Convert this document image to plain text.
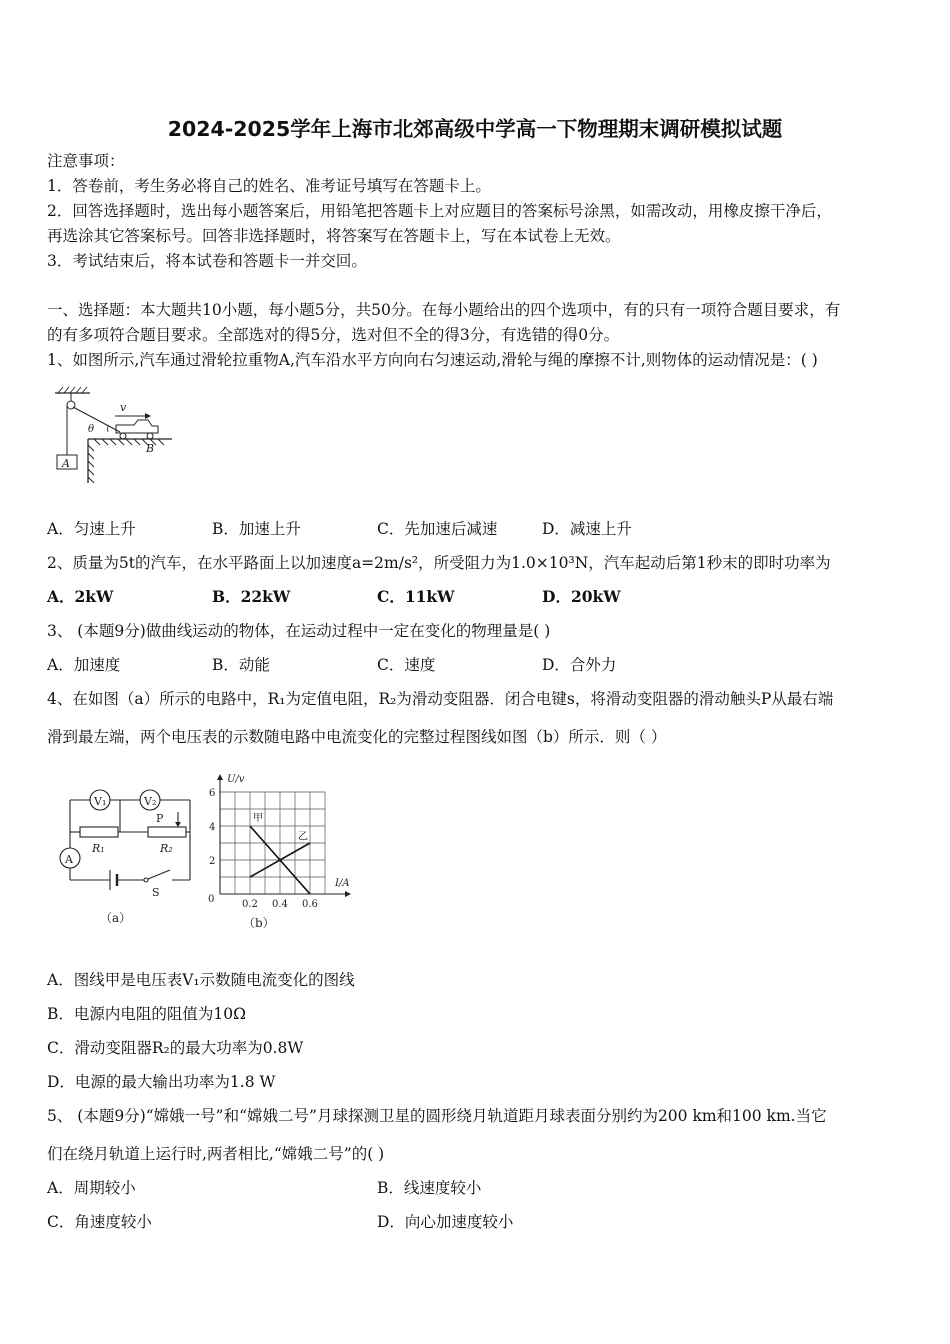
2024-2025学年上海市北郊高级中学高一下物理期末调研模拟试题
注意事项：
1．答卷前，考生务必将自己的姓名、准考证号填写在答题卡上。
2．回答选择题时，选出每小题答案后，用铅笔把答题卡上对应题目的答案标号涂黑，如需改动，用橡皮擦干净后，
再选涂其它答案标号。回答非选择题时，将答案写在答题卡上，写在本试卷上无效。
3．考试结束后，将本试卷和答题卡一并交回。
一、选择题：本大题共10小题，每小题5分，共50分。在每小题给出的四个选项中，有的只有一项符合题目要求，有
的有多项符合题目要求。全部选对的得5分，选对但不全的得3分，有选错的得0分。
1、如图所示,汽车通过滑轮拉重物A,汽车沿水平方向向右匀速运动,滑轮与绳的摩擦不计,则物体的运动情况是：( )
A
θ
v
B
A．匀速上升	B．加速上升	C．先加速后减速	D．减速上升
2、质量为5t的汽车，在水平路面上以加速度a=2m/s²，所受阻力为1.0×10³N，汽车起动后第1秒末的即时功率为
A．2kW	B．22kW	C．11kW	D．20kW
3、 (本题9分)做曲线运动的物体，在运动过程中一定在变化的物理量是( )
A．加速度	B．动能	C．速度	D．合外力
4、在如图（a）所示的电路中，R₁为定值电阻，R₂为滑动变阻器．闭合电键s，将滑动变阻器的滑动触头P从最右端
滑到最左端，两个电压表的示数随电路中电流变化的完整过程图线如图（b）所示．则（ ）
V₁	V₂
A
R₁	R₂
P
S
（a）
6
4
2
0.2 0.4 0.6
甲
乙
U/v
I/A
0
（b）
A．图线甲是电压表V₁示数随电流变化的图线
B．电源内电阻的阻值为10Ω
C．滑动变阻器R₂的最大功率为0.8W
D．电源的最大输出功率为1.8 W
5、 (本题9分)“嫦娥一号”和“嫦娥二号”月球探测卫星的圆形绕月轨道距月球表面分别约为200 km和100 km.当它
们在绕月轨道上运行时,两者相比,“嫦娥二号”的( )
A．周期较小	B．线速度较小
C．角速度较小	D．向心加速度较小
